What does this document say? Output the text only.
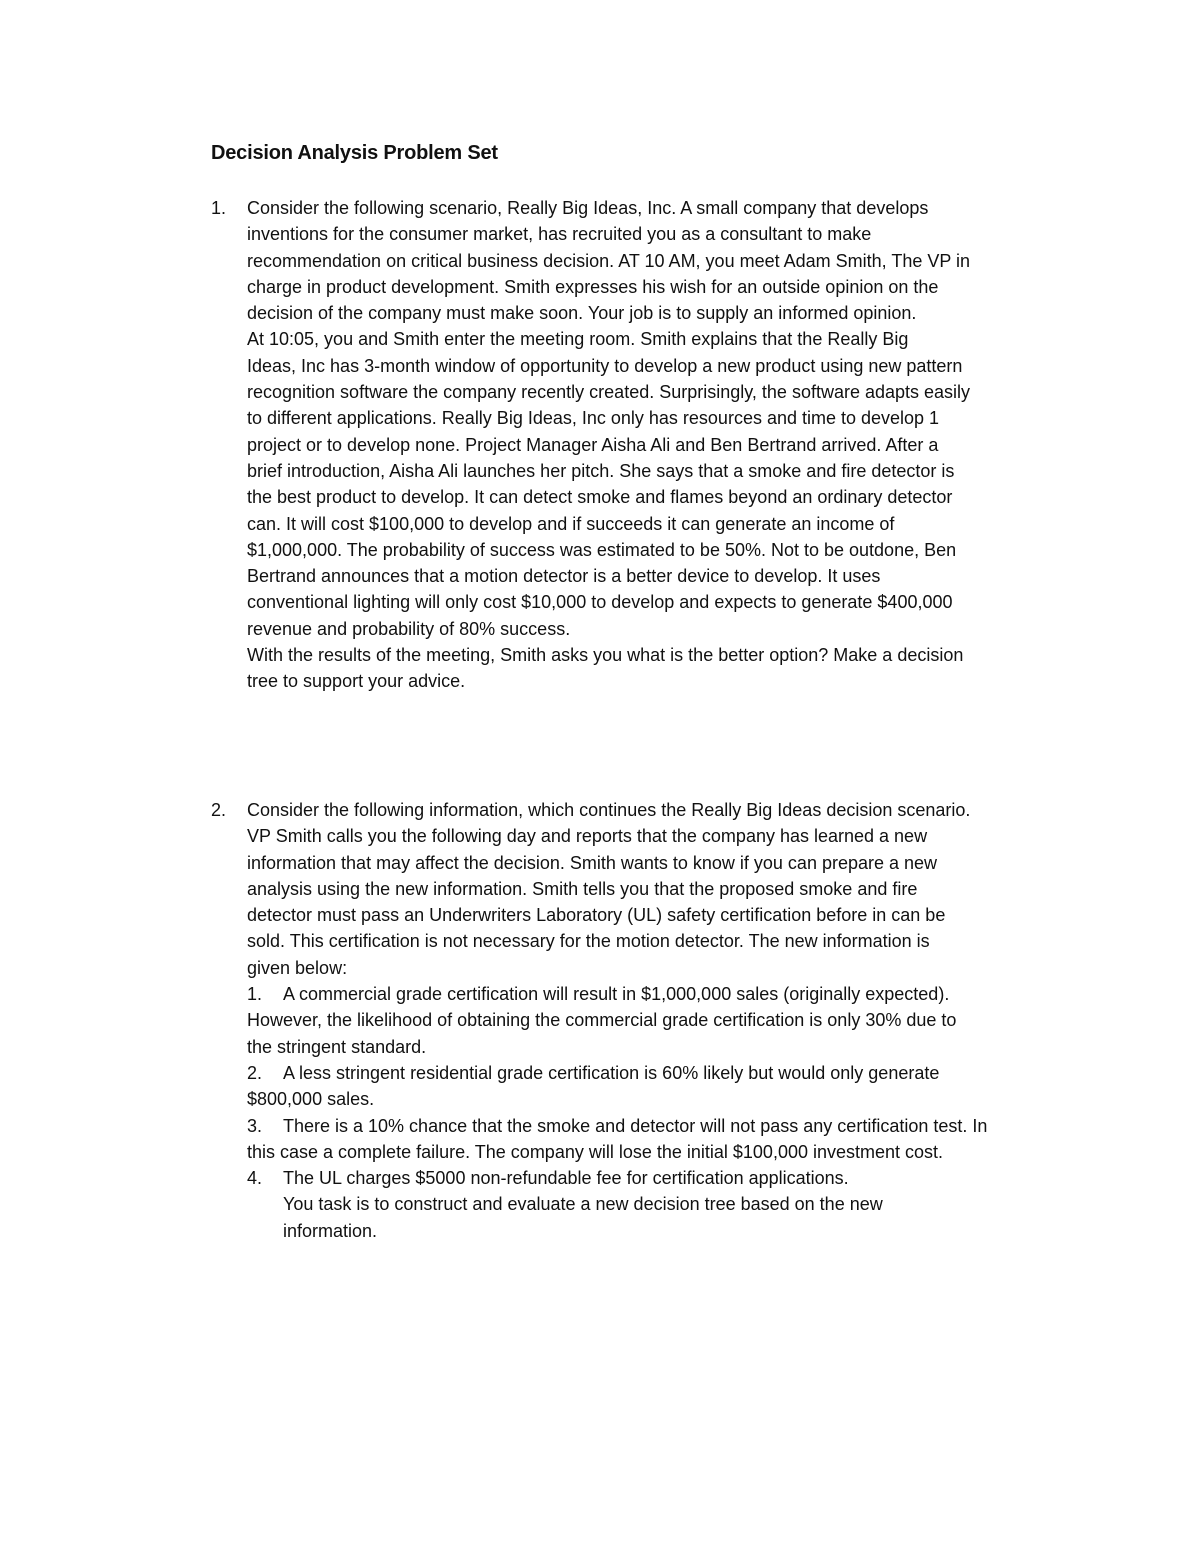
Decision Analysis Problem Set
1. Consider the following scenario, Really Big Ideas, Inc. A small company that develops
inventions for the consumer market, has recruited you as a consultant to make
recommendation on critical business decision. AT 10 AM, you meet Adam Smith, The VP in
charge in product development. Smith expresses his wish for an outside opinion on the
decision of the company must make soon. Your job is to supply an informed opinion.
At 10:05, you and Smith enter the meeting room. Smith explains that the Really Big
Ideas, Inc has 3-month window of opportunity to develop a new product using new pattern
recognition software the company recently created. Surprisingly, the software adapts easily
to different applications. Really Big Ideas, Inc only has resources and time to develop 1
project or to develop none. Project Manager Aisha Ali and Ben Bertrand arrived. After a
brief introduction, Aisha Ali launches her pitch. She says that a smoke and fire detector is
the best product to develop. It can detect smoke and flames beyond an ordinary detector
can. It will cost $100,000 to develop and if succeeds it can generate an income of
$1,000,000. The probability of success was estimated to be 50%. Not to be outdone, Ben
Bertrand announces that a motion detector is a better device to develop. It uses
conventional lighting will only cost $10,000 to develop and expects to generate $400,000
revenue and probability of 80% success.
With the results of the meeting, Smith asks you what is the better option? Make a decision
tree to support your advice.
2. Consider the following information, which continues the Really Big Ideas decision scenario.
VP Smith calls you the following day and reports that the company has learned a new
information that may affect the decision. Smith wants to know if you can prepare a new
analysis using the new information. Smith tells you that the proposed smoke and fire
detector must pass an Underwriters Laboratory (UL) safety certification before in can be
sold. This certification is not necessary for the motion detector. The new information is
given below:
1. A commercial grade certification will result in $1,000,000 sales (originally expected).
However, the likelihood of obtaining the commercial grade certification is only 30% due to
the stringent standard.
2. A less stringent residential grade certification is 60% likely but would only generate
$800,000 sales.
3. There is a 10% chance that the smoke and detector will not pass any certification test. In
this case a complete failure. The company will lose the initial $100,000 investment cost.
4. The UL charges $5000 non-refundable fee for certification applications.
You task is to construct and evaluate a new decision tree based on the new
information.
